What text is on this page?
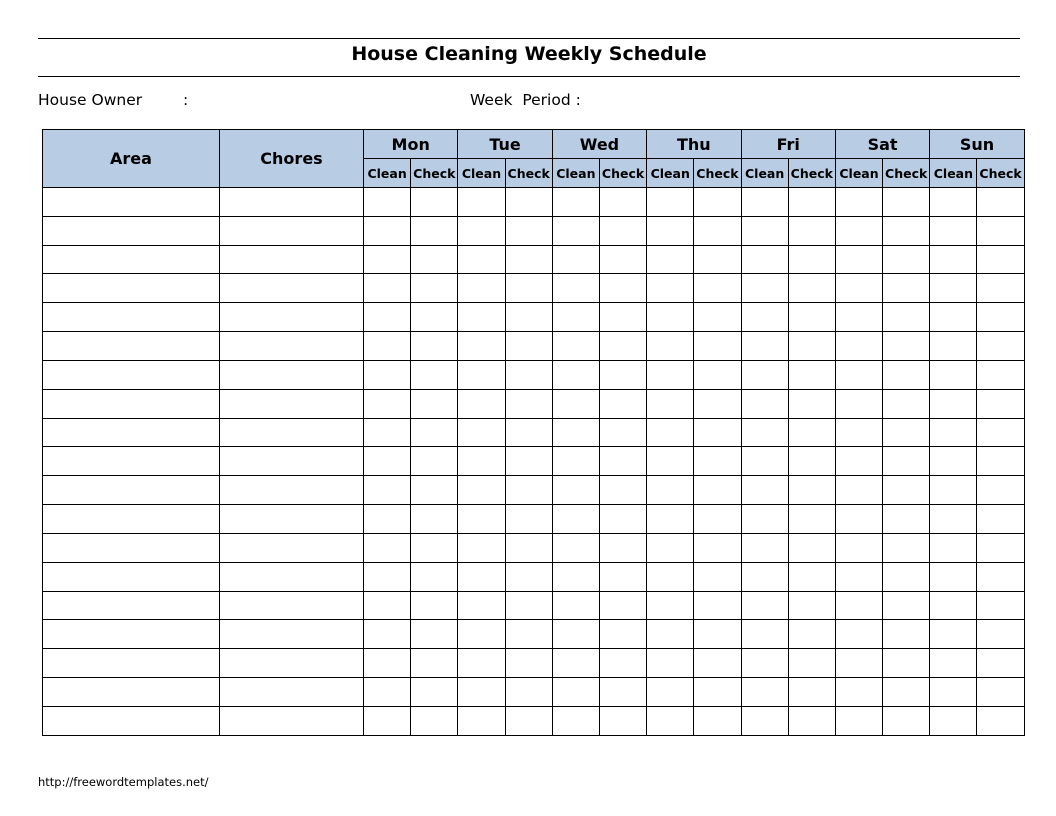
House Cleaning Weekly Schedule
House Owner	:	Week  Period :
Area	Chores	Mon		Tue		Wed		Thu		Fri		Sat		Sun	
		Clean	Check	Clean	Check	Clean	Check	Clean	Check	Clean	Check	Clean	Check	Clean	Check

http://freewordtemplates.net/
